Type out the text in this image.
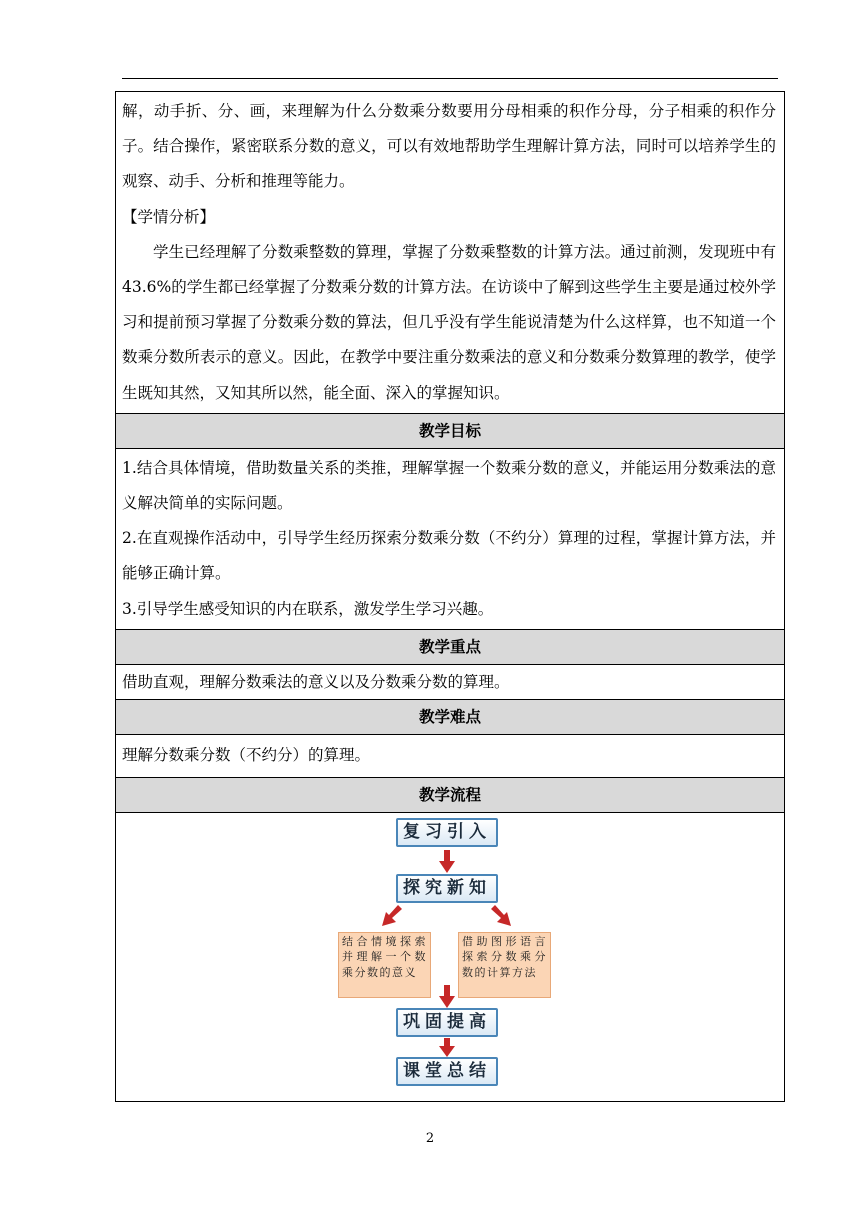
解，动手折、分、画，来理解为什么分数乘分数要用分母相乘的积作分母，分子相乘的积作分子。结合操作，紧密联系分数的意义，可以有效地帮助学生理解计算方法，同时可以培养学生的观察、动手、分析和推理等能力。

【学情分析】

学生已经理解了分数乘整数的算理，掌握了分数乘整数的计算方法。通过前测，发现班中有43.6%的学生都已经掌握了分数乘分数的计算方法。在访谈中了解到这些学生主要是通过校外学习和提前预习掌握了分数乘分数的算法，但几乎没有学生能说清楚为什么这样算，也不知道一个数乘分数所表示的意义。因此，在教学中要注重分数乘法的意义和分数乘分数算理的教学，使学生既知其然，又知其所以然，能全面、深入的掌握知识。

教学目标

1.结合具体情境，借助数量关系的类推，理解掌握一个数乘分数的意义，并能运用分数乘法的意义解决简单的实际问题。

2.在直观操作活动中，引导学生经历探索分数乘分数（不约分）算理的过程，掌握计算方法，并能够正确计算。

3.引导学生感受知识的内在联系，激发学生学习兴趣。

教学重点
借助直观，理解分数乘法的意义以及分数乘分数的算理。
教学难点
理解分数乘分数（不约分）的算理。
教学流程
复习引入
探究新知
结合情境探索并理解一个数乘分数的意义
借助图形语言探索分数乘分数的计算方法
巩固提高
课堂总结
2
